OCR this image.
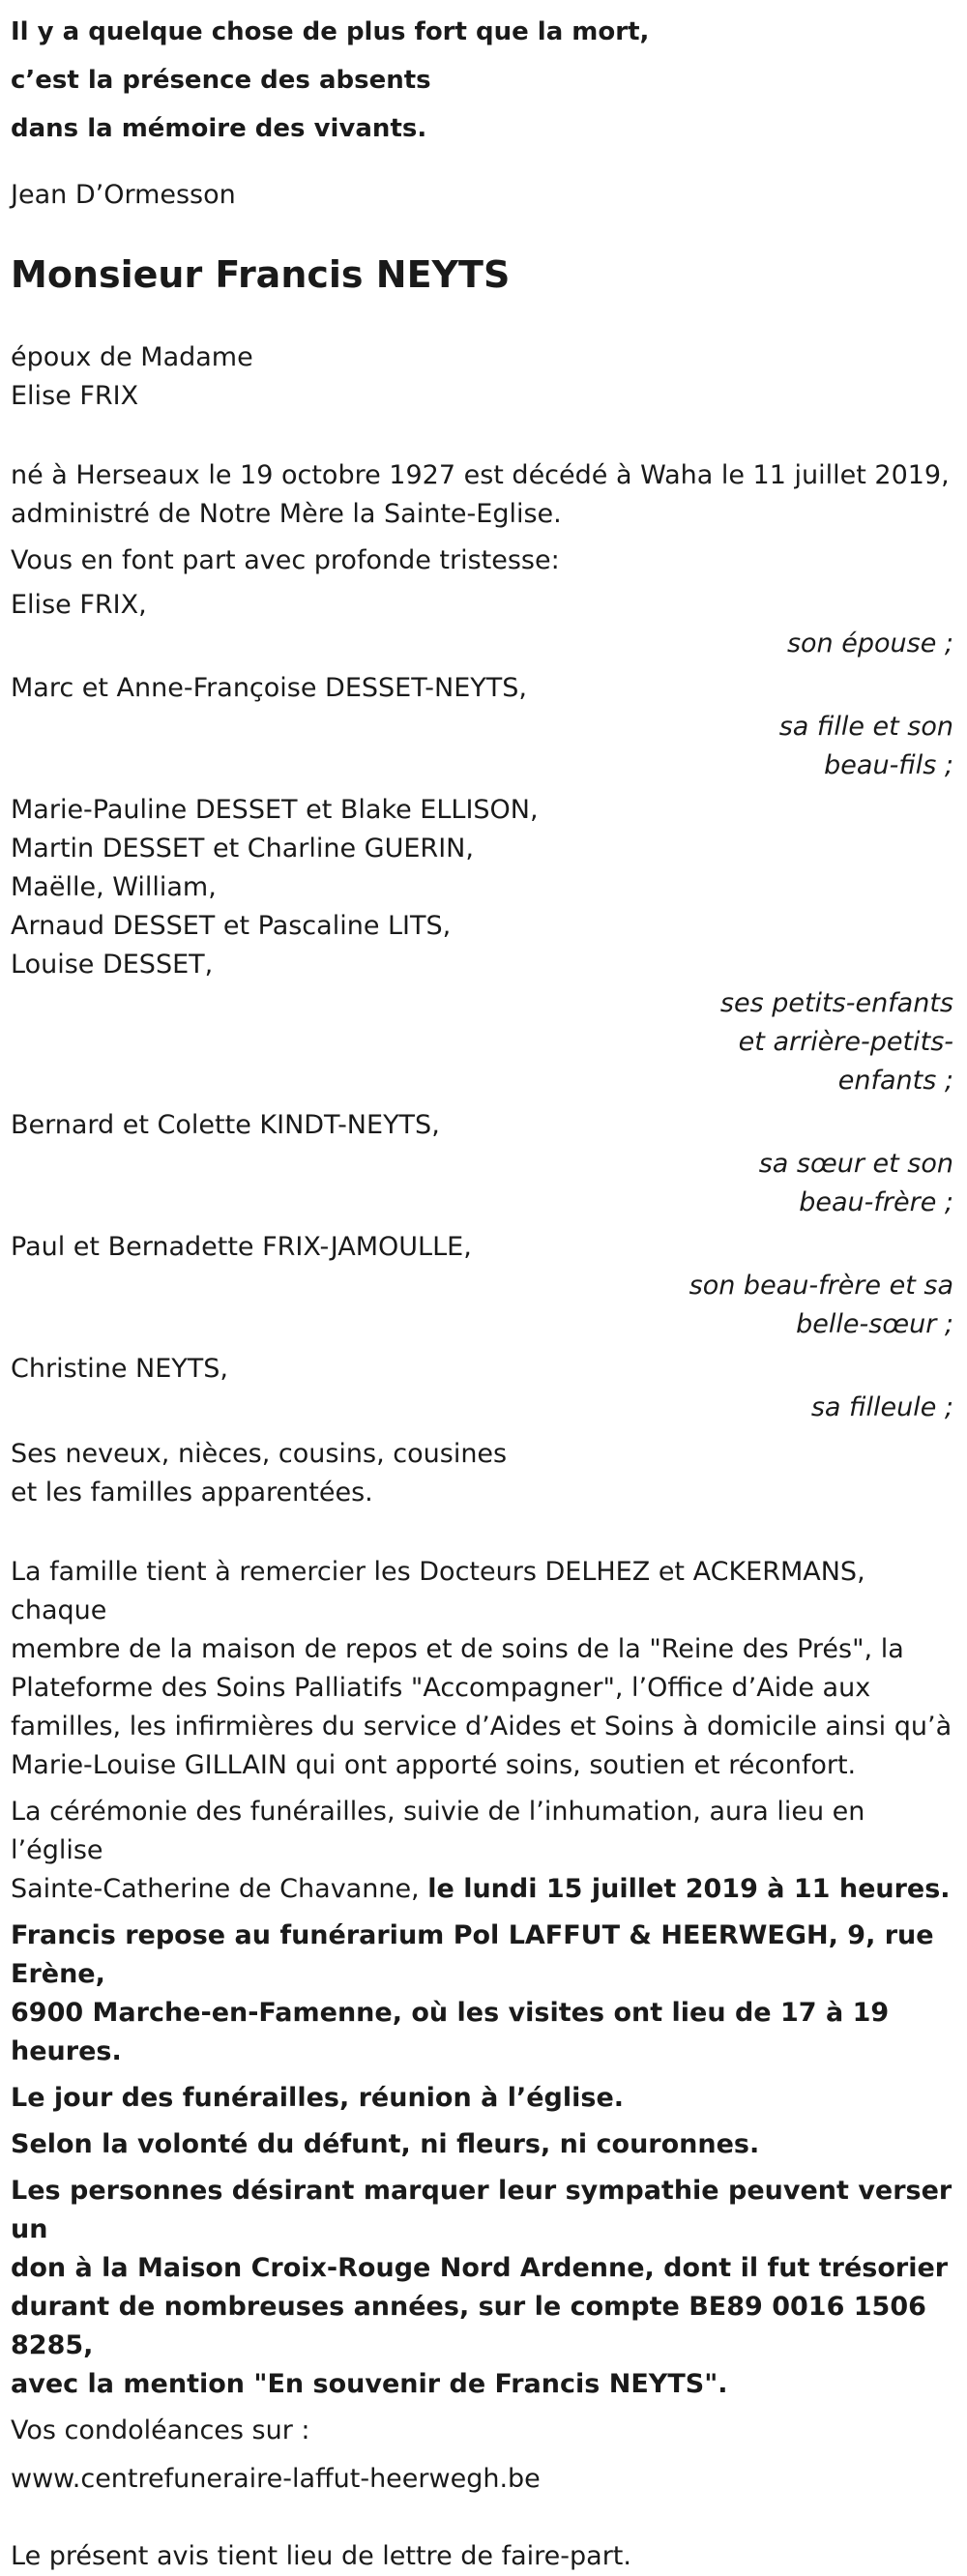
Il y a quelque chose de plus fort que la mort,
c’est la présence des absents
dans la mémoire des vivants.
Jean D’Ormesson
Monsieur Francis NEYTS
époux de Madame
Elise FRIX
né à Herseaux le 19 octobre 1927 est décédé à Waha le 11 juillet 2019,
administré de Notre Mère la Sainte-Eglise.
Vous en font part avec profonde tristesse:
Elise FRIX,
son épouse ;
Marc et Anne-Françoise DESSET-NEYTS,
sa fille et son
beau-fils ;
Marie-Pauline DESSET et Blake ELLISON,
Martin DESSET et Charline GUERIN,
Maëlle, William,
Arnaud DESSET et Pascaline LITS,
Louise DESSET,
ses petits-enfants
et arrière-petits-
enfants ;
Bernard et Colette KINDT-NEYTS,
sa sœur et son
beau-frère ;
Paul et Bernadette FRIX-JAMOULLE,
son beau-frère et sa
belle-sœur ;
Christine NEYTS,
sa filleule ;
Ses neveux, nièces, cousins, cousines
et les familles apparentées.
La famille tient à remercier les Docteurs DELHEZ et ACKERMANS, chaque
membre de la maison de repos et de soins de la "Reine des Prés", la
Plateforme des Soins Palliatifs "Accompagner", l’Office d’Aide aux
familles, les infirmières du service d’Aides et Soins à domicile ainsi qu’à
Marie-Louise GILLAIN qui ont apporté soins, soutien et réconfort.
La cérémonie des funérailles, suivie de l’inhumation, aura lieu en l’église
Sainte-Catherine de Chavanne, le lundi 15 juillet 2019 à 11 heures.
Francis repose au funérarium Pol LAFFUT & HEERWEGH, 9, rue Erène,
6900 Marche-en-Famenne, où les visites ont lieu de 17 à 19 heures.
Le jour des funérailles, réunion à l’église.
Selon la volonté du défunt, ni fleurs, ni couronnes.
Les personnes désirant marquer leur sympathie peuvent verser un
don à la Maison Croix-Rouge Nord Ardenne, dont il fut trésorier
durant de nombreuses années, sur le compte BE89 0016 1506 8285,
avec la mention "En souvenir de Francis NEYTS".
Vos condoléances sur :
www.centrefuneraire-laffut-heerwegh.be
Le présent avis tient lieu de lettre de faire-part.
